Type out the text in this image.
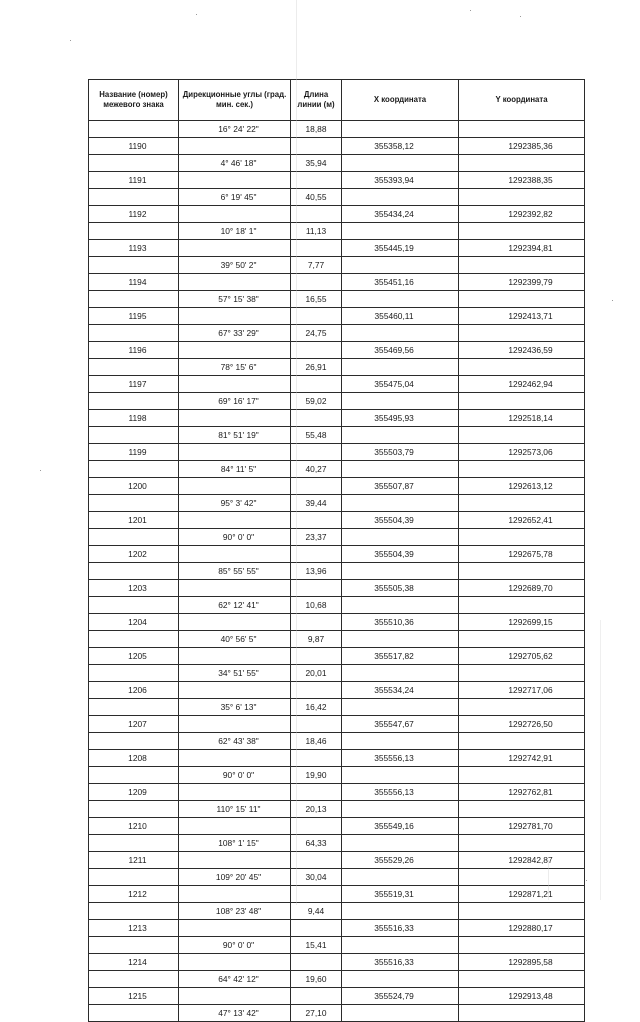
Название (номер) межевого знака	Дирекционные углы (град. мин. сек.)	Длина линии (м)	X координата	Y координата
	16° 24' 22"	18,88		
1190			355358,12	1292385,36
	4° 46' 18"	35,94		
1191			355393,94	1292388,35
	6° 19' 45"	40,55		
1192			355434,24	1292392,82
	10° 18' 1"	11,13		
1193			355445,19	1292394,81
	39° 50' 2"	7,77		
1194			355451,16	1292399,79
	57° 15' 38"	16,55		
1195			355460,11	1292413,71
	67° 33' 29"	24,75		
1196			355469,56	1292436,59
	78° 15' 6"	26,91		
1197			355475,04	1292462,94
	69° 16' 17"	59,02		
1198			355495,93	1292518,14
	81° 51' 19"	55,48		
1199			355503,79	1292573,06
	84° 11' 5"	40,27		
1200			355507,87	1292613,12
	95° 3' 42"	39,44		
1201			355504,39	1292652,41
	90° 0' 0"	23,37		
1202			355504,39	1292675,78
	85° 55' 55"	13,96		
1203			355505,38	1292689,70
	62° 12' 41"	10,68		
1204			355510,36	1292699,15
	40° 56' 5"	9,87		
1205			355517,82	1292705,62
	34° 51' 55"	20,01		
1206			355534,24	1292717,06
	35° 6' 13"	16,42		
1207			355547,67	1292726,50
	62° 43' 38"	18,46		
1208			355556,13	1292742,91
	90° 0' 0"	19,90		
1209			355556,13	1292762,81
	110° 15' 11"	20,13		
1210			355549,16	1292781,70
	108° 1' 15"	64,33		
1211			355529,26	1292842,87
	109° 20' 45"	30,04		
1212			355519,31	1292871,21
	108° 23' 48"	9,44		
1213			355516,33	1292880,17
	90° 0' 0"	15,41		
1214			355516,33	1292895,58
	64° 42' 12"	19,60		
1215			355524,79	1292913,48
	47° 13' 42"	27,10		
